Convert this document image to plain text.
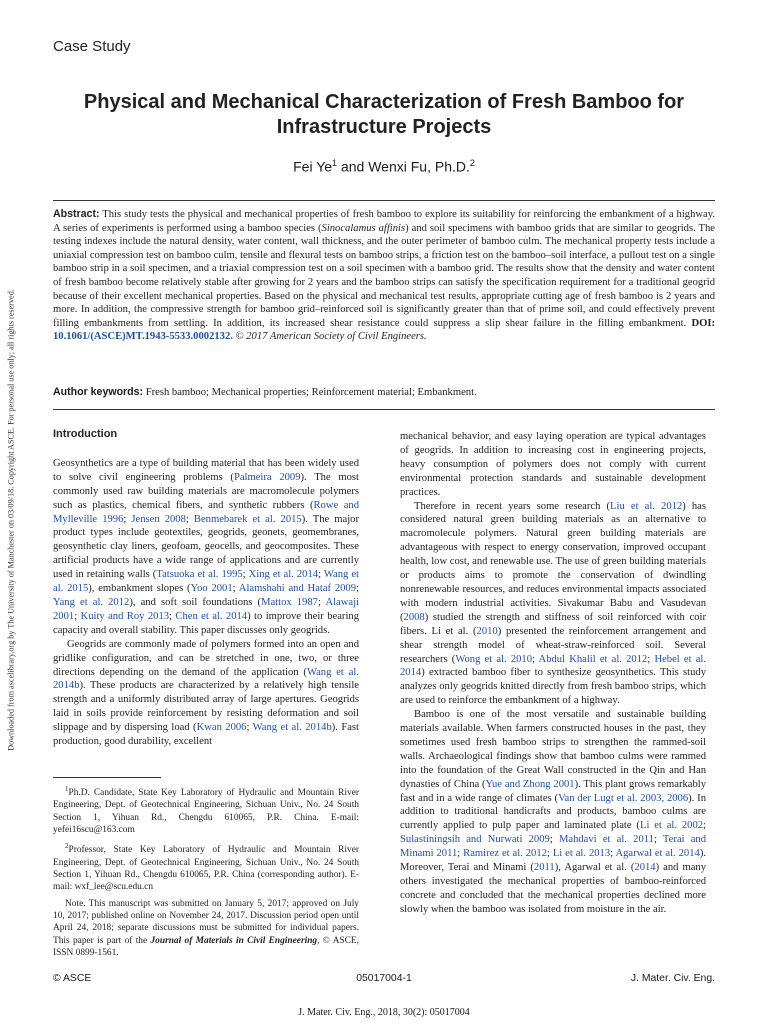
Case Study
Physical and Mechanical Characterization of Fresh Bamboo for Infrastructure Projects
Fei Ye$^1$ and Wenxi Fu, Ph.D.$^2$
Abstract: This study tests the physical and mechanical properties of fresh bamboo to explore its suitability for reinforcing the embankment of a highway. A series of experiments is performed using a bamboo species (Sinocalamus affinis) and soil specimens with bamboo grids that are similar to geogrids. The testing indexes include the natural density, water content, wall thickness, and the outer perimeter of bamboo culm. The mechanical property tests include a uniaxial compression test on bamboo culm, tensile and flexural tests on bamboo strips, a friction test on the bamboo–soil interface, a pullout test on a single bamboo strip in a soil specimen, and a triaxial compression test on a soil specimen with a bamboo grid. The results show that the density and water content of fresh bamboo become relatively stable after growing for 2 years and the bamboo strips can satisfy the specification requirement for a traditional geogrid because of their excellent mechanical properties. Based on the physical and mechanical test results, appropriate cutting age of fresh bamboo is 2 years and more. In addition, the compressive strength for bamboo grid–reinforced soil is significantly greater than that of prime soil, and could effectively prevent filling embankments from settling. In addition, its increased shear resistance could suppress a slip shear failure in the filling embankment. DOI: 10.1061/(ASCE)MT.1943-5533.0002132. © 2017 American Society of Civil Engineers.
Author keywords: Fresh bamboo; Mechanical properties; Reinforcement material; Embankment.
Downloaded from ascelibrary.org by The University of Manchester on 03/09/18. Copyright ASCE. For personal use only; all rights reserved.	Introduction

Geosynthetics are a type of building material that has been widely used to solve civil engineering problems (Palmeira 2009). The most commonly used raw building materials are macromolecule polymers such as plastics, chemical fibers, and synthetic rubbers (Rowe and Mylleville 1996; Jensen 2008; Benmebarek et al. 2015). The major product types include geotextiles, geogrids, geonets, geomembranes, geosynthetic clay liners, geofoam, geocells, and geocomposites. These artificial products have a wide range of applications and are currently used in retaining walls (Tatsuoka et al. 1995; Xing et al. 2014; Wang et al. 2015), embankment slopes (Yoo 2001; Alamshahi and Hataf 2009; Yang et al. 2012), and soft soil foundations (Mattox 1987; Alawaji 2001; Kuity and Roy 2013; Chen et al. 2014) to improve their bearing capacity and overall stability. This paper discusses only geogrids.

Geogrids are commonly made of polymers formed into an open and gridlike configuration, and can be stretched in one, two, or three directions depending on the demand of the application (Wang et al. 2014b). These products are characterized by a relatively high tensile strength and a uniformly distributed array of large apertures. Geogrids laid in soils provide reinforcement by resisting deformation and soil slippage and by dispersing load (Kwan 2006; Wang et al. 2014b). Fast production, good durability, excellent

$^1$Ph.D. Candidate, State Key Laboratory of Hydraulic and Mountain River Engineering, Dept. of Geotechnical Engineering, Sichuan Univ., No. 24 South Section 1, Yihuan Rd., Chengdu 610065, P.R. China. E-mail: yefei16scu@163.com

$^2$Professor, State Key Laboratory of Hydraulic and Mountain River Engineering, Dept. of Geotechnical Engineering, Sichuan Univ., No. 24 South Section 1, Yihuan Rd., Chengdu 610065, P.R. China (corresponding author). E-mail: wxf_lee@scu.edu.cn

Note. This manuscript was submitted on January 5, 2017; approved on July 10, 2017; published online on November 24, 2017. Discussion period open until April 24, 2018; separate discussions must be submitted for individual papers. This paper is part of the Journal of Materials in Civil Engineering, © ASCE, ISSN 0899-1561.

mechanical behavior, and easy laying operation are typical advantages of geogrids. In addition to increasing cost in engineering projects, heavy consumption of polymers does not comply with current environmental protection standards and sustainable development practices.

Therefore in recent years some research (Liu et al. 2012) has considered natural green building materials as an alternative to macromolecule polymers. Natural green building materials are advantageous with respect to energy conservation, improved occupant health, low cost, and renewable use. The use of green building materials or products aims to promote the conservation of dwindling nonrenewable resources, and reduces environmental impacts associated with modern industrial activities. Sivakumar Babu and Vasudevan (2008) studied the strength and stiffness of soil reinforced with coir fibers. Li et al. (2010) presented the reinforcement arrangement and shear strength model of wheat-straw-reinforced soil. Several researchers (Wong et al. 2010; Abdul Khalil et al. 2012; Hebel et al. 2014) extracted bamboo fiber to synthesize geosynthetics. This study analyzes only geogrids knitted directly from fresh bamboo strips, which are used to reinforce the embankment of a highway.

Bamboo is one of the most versatile and sustainable building materials available. When farmers constructed houses in the past, they sometimes used fresh bamboo strips to strengthen the rammed-soil walls. Archaeological findings show that bamboo culms were rammed into the foundation of the Great Wall constructed in the Qin and Han dynasties of China (Yue and Zhong 2001). This plant grows remarkably fast and in a wide range of climates (Van der Lugt et al. 2003, 2006). In addition to traditional handicrafts and products, bamboo culms are currently applied to pulp paper and laminated plate (Li et al. 2002; Sulastiningsih and Nurwati 2009; Mahdavi et al. 2011; Terai and Minami 2011; Ramirez et al. 2012; Li et al. 2013; Agarwal et al. 2014). Moreover, Terai and Minami (2011), Agarwal et al. (2014) and many others investigated the mechanical properties of bamboo-reinforced concrete and concluded that the mechanical properties declined more slowly when the bamboo was isolated from moisture in the air.

© ASCE	05017004-1	J. Mater. Civ. Eng.
J. Mater. Civ. Eng., 2018, 30(2): 05017004
